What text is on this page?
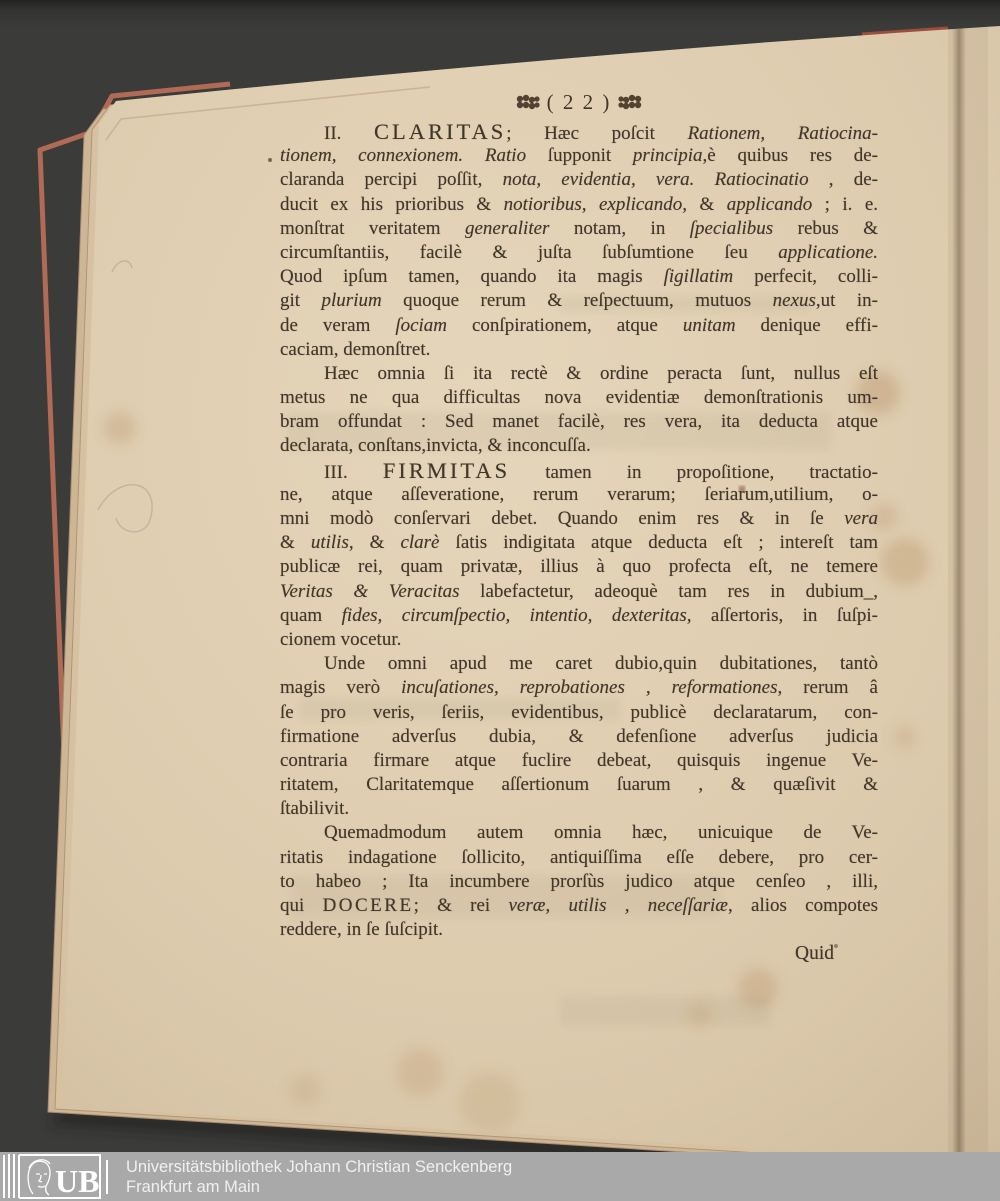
( 2 2 )
II. CLARITAS; Hæc poſcit Rationem, Ratiocina-
tionem, connexionem. Ratio ſupponit principia,è quibus res de-
claranda percipi poſſit, nota, evidentia, vera. Ratiocinatio , de-
ducit ex his prioribus & notioribus, explicando, & applicando ; i. e.
monſtrat veritatem generaliter notam, in ſpecialibus rebus &
circumſtantiis, facilè & juſta ſubſumtione ſeu applicatione.
Quod ipſum tamen, quando ita magis ſigillatim perfecit, colli-
git plurium quoque rerum & reſpectuum, mutuos nexus,ut in-
de veram ſociam conſpirationem, atque unitam denique effi-
caciam, demonſtret.
Hæc omnia ſi ita rectè & ordine peracta ſunt, nullus eſt
metus ne qua difficultas nova evidentiæ demonſtrationis um-
bram offundat : Sed manet facilè, res vera, ita deducta atque
declarata, conſtans,invicta, & inconcuſſa.
III. FIRMITAS tamen in propoſitione, tractatio-
ne, atque aſſeveratione, rerum verarum; ſeriarum,utilium, o-
mni modò conſervari debet. Quando enim res & in ſe vera
& utilis, & clarè ſatis indigitata atque deducta eſt ; intereſt tam
publicæ rei, quam privatæ, illius à quo profecta eſt, ne temere
Veritas & Veracitas labefactetur, adeoquè tam res in dubium_,
quam fides, circumſpectio, intentio, dexteritas, aſſertoris, in ſuſpi-
cionem vocetur.
Unde omni apud me caret dubio,quin dubitationes, tantò
magis verò incuſationes, reprobationes , reformationes, rerum â
ſe pro veris, ſeriis, evidentibus, publicè declaratarum, con-
firmatione adverſus dubia, & defenſione adverſus judicia
contraria firmare atque fuclire debeat, quisquis ingenue Ve-
ritatem, Claritatemque aſſertionum ſuarum , & quæſivit &
ſtabilivit.
Quemadmodum autem omnia hæc, unicuique de Ve-
ritatis indagatione ſollicito, antiquiſſima eſſe debere, pro cer-
to habeo ; Ita incumbere prorſùs judico atque cenſeo , illi,
qui DOCERE; & rei veræ, utilis , neceſſariæ, alios compotes
reddere, in ſe ſuſcipit.
Quid
UB Universitätsbibliothek Johann Christian Senckenberg
Frankfurt am Main
